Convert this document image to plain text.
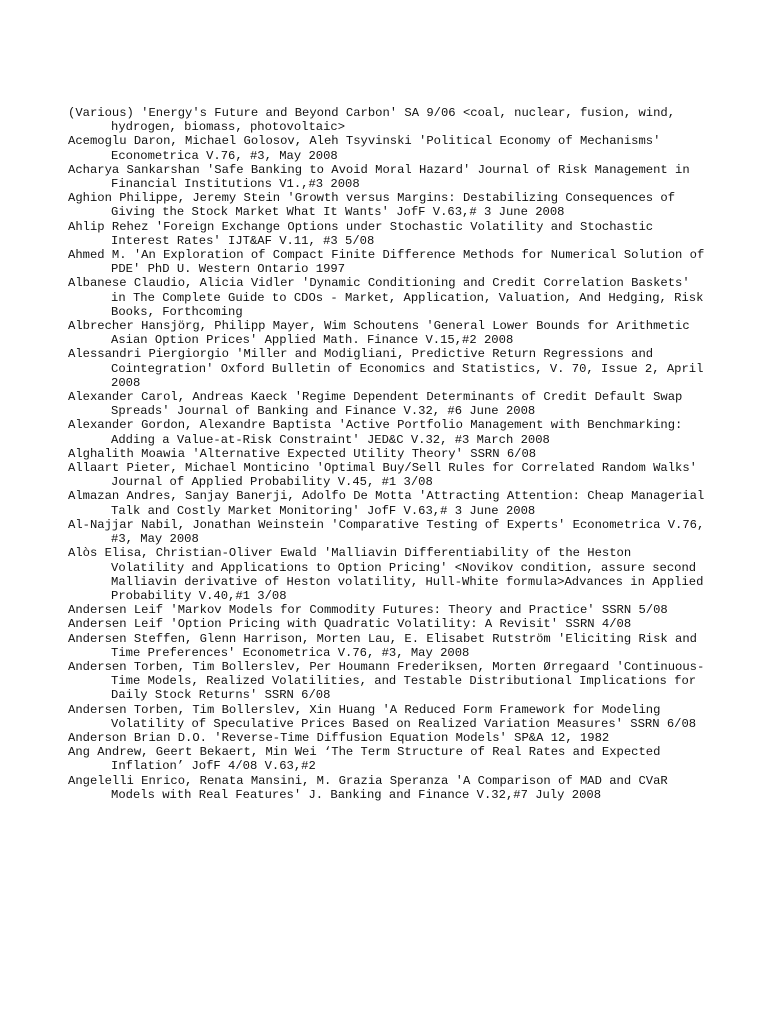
(Various) 'Energy's Future and Beyond Carbon' SA 9/06 <coal, nuclear, fusion, wind, hydrogen, biomass, photovoltaic>
Acemoglu Daron, Michael Golosov, Aleh Tsyvinski 'Political Economy of Mechanisms' Econometrica V.76, #3, May 2008
Acharya Sankarshan 'Safe Banking to Avoid Moral Hazard' Journal of Risk Management in Financial Institutions V1.,#3 2008
Aghion Philippe, Jeremy Stein 'Growth versus Margins: Destabilizing Consequences of Giving the Stock Market What It Wants' JofF V.63,# 3 June 2008
Ahlip Rehez 'Foreign Exchange Options under Stochastic Volatility and Stochastic Interest Rates' IJT&AF V.11, #3 5/08
Ahmed M. 'An Exploration of Compact Finite Difference Methods for Numerical Solution of PDE' PhD U. Western Ontario 1997
Albanese Claudio, Alicia Vidler 'Dynamic Conditioning and Credit Correlation Baskets' in The Complete Guide to CDOs - Market, Application, Valuation, And Hedging, Risk Books, Forthcoming
Albrecher Hansjörg, Philipp Mayer, Wim Schoutens 'General Lower Bounds for Arithmetic Asian Option Prices' Applied Math. Finance V.15,#2 2008
Alessandri Piergiorgio 'Miller and Modigliani, Predictive Return Regressions and Cointegration' Oxford Bulletin of Economics and Statistics, V. 70, Issue 2, April 2008
Alexander Carol, Andreas Kaeck 'Regime Dependent Determinants of Credit Default Swap Spreads' Journal of Banking and Finance V.32, #6 June 2008
Alexander Gordon, Alexandre Baptista 'Active Portfolio Management with Benchmarking: Adding a Value-at-Risk Constraint' JED&C V.32, #3 March 2008
Alghalith Moawia 'Alternative Expected Utility Theory' SSRN 6/08
Allaart Pieter, Michael Monticino 'Optimal Buy/Sell Rules for Correlated Random Walks' Journal of Applied Probability V.45, #1 3/08
Almazan Andres, Sanjay Banerji, Adolfo De Motta 'Attracting Attention: Cheap Managerial Talk and Costly Market Monitoring' JofF V.63,# 3 June 2008
Al-Najjar Nabil, Jonathan Weinstein 'Comparative Testing of Experts' Econometrica V.76, #3, May 2008
Alòs Elisa, Christian-Oliver Ewald 'Malliavin Differentiability of the Heston Volatility and Applications to Option Pricing' <Novikov condition, assure second Malliavin derivative of Heston volatility, Hull-White formula>Advances in Applied Probability V.40,#1 3/08
Andersen Leif 'Markov Models for Commodity Futures: Theory and Practice' SSRN 5/08
Andersen Leif 'Option Pricing with Quadratic Volatility: A Revisit' SSRN 4/08
Andersen Steffen, Glenn Harrison, Morten Lau, E. Elisabet Rutström 'Eliciting Risk and Time Preferences' Econometrica V.76, #3, May 2008
Andersen Torben, Tim Bollerslev, Per Houmann Frederiksen, Morten Ørregaard 'Continuous-Time Models, Realized Volatilities, and Testable Distributional Implications for Daily Stock Returns' SSRN 6/08
Andersen Torben, Tim Bollerslev, Xin Huang 'A Reduced Form Framework for Modeling Volatility of Speculative Prices Based on Realized Variation Measures' SSRN 6/08
Anderson Brian D.O. 'Reverse-Time Diffusion Equation Models' SP&A 12, 1982
Ang Andrew, Geert Bekaert, Min Wei ‘The Term Structure of Real Rates and Expected Inflation’ JofF 4/08 V.63,#2
Angelelli Enrico, Renata Mansini, M. Grazia Speranza 'A Comparison of MAD and CVaR Models with Real Features' J. Banking and Finance V.32,#7 July 2008
